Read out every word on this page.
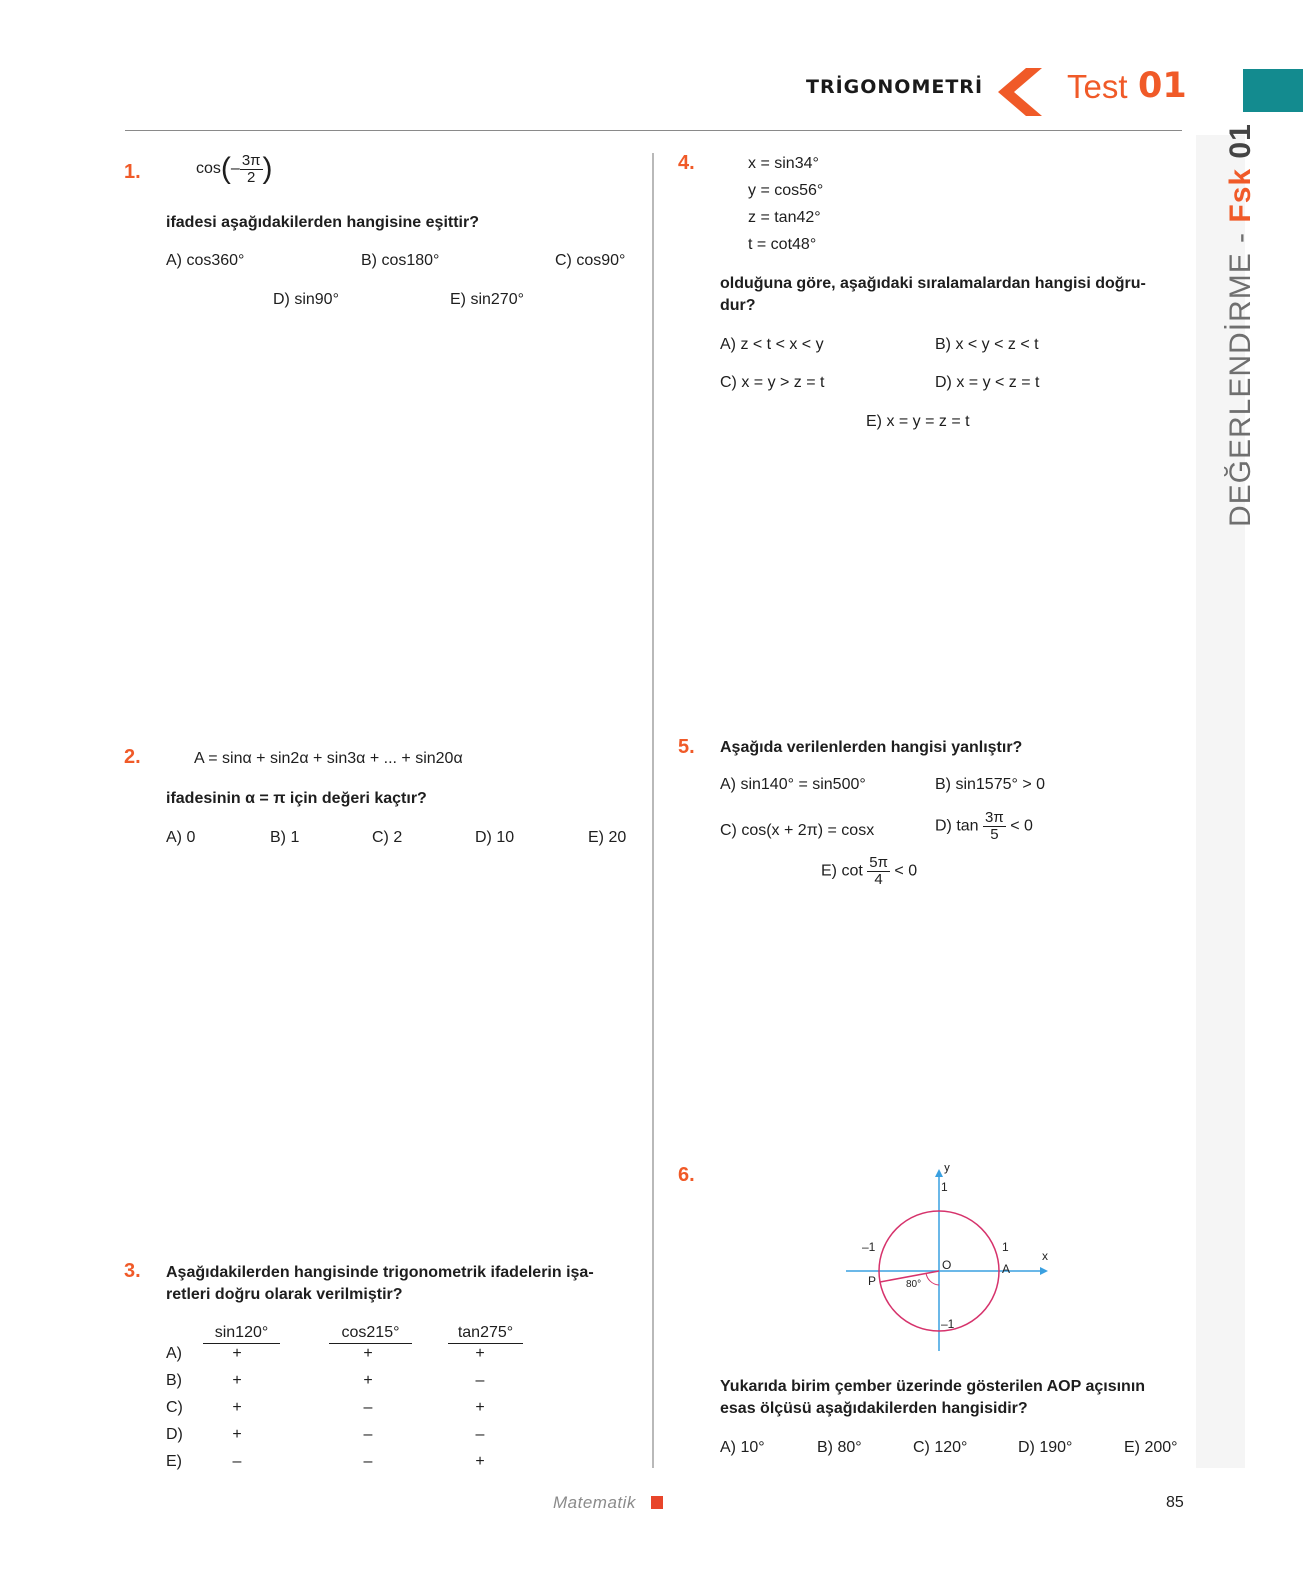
TRİGONOMETRİ	Test 01
DEĞERLENDİRME - Fsk 01
1.	$\cos(- \frac{3\pi}{2}$ )
ifadesi aşağıdakilerden hangisine eşittir?
A) cos360°	B) cos180°	C) cos90°
D) sin90°	E) sin270°
2.	A = sinα + sin2α + sin3α + ... + sin20α
ifadesinin α = π için değeri kaçtır?
A) 0	B) 1	C) 2	D) 10	E) 20
3. Aşağıdakilerden hangisinde trigonometrik ifadelerin işa-
retleri doğru olarak verilmiştir?
sin120°	cos215°	tan275°
A)	+	+	+
B)	+	+	–
C)	+	–	+
D)	+	–	–
E)	–	–	+
4.	x = sin34°
y = cos56°
z = tan42°
t = cot48°
olduğuna göre, aşağıdaki sıralamalardan hangisi doğru-
dur?
A) z < t < x < y	B) x < y < z < t
C) x = y > z = t	D) x = y < z = t
E) x = y = z = t
5. Aşağıda verilenlerden hangisi yanlıştır?
A) sin140° = sin500°	B) sin1575° > 0
C) cos(x + 2π) = cosx	D) $\tan \frac{3\pi}{5} < 0$
E) $\cot \frac{5\pi}{4} < 0$
6.	y
x
1
–1
–1	1
O	A
P	80°
Yukarıda birim çember üzerinde gösterilen AOP açısının
esas ölçüsü aşağıdakilerden hangisidir?
A) 10°	B) 80°	C) 120°	D) 190°	E) 200°
Matematik	85
